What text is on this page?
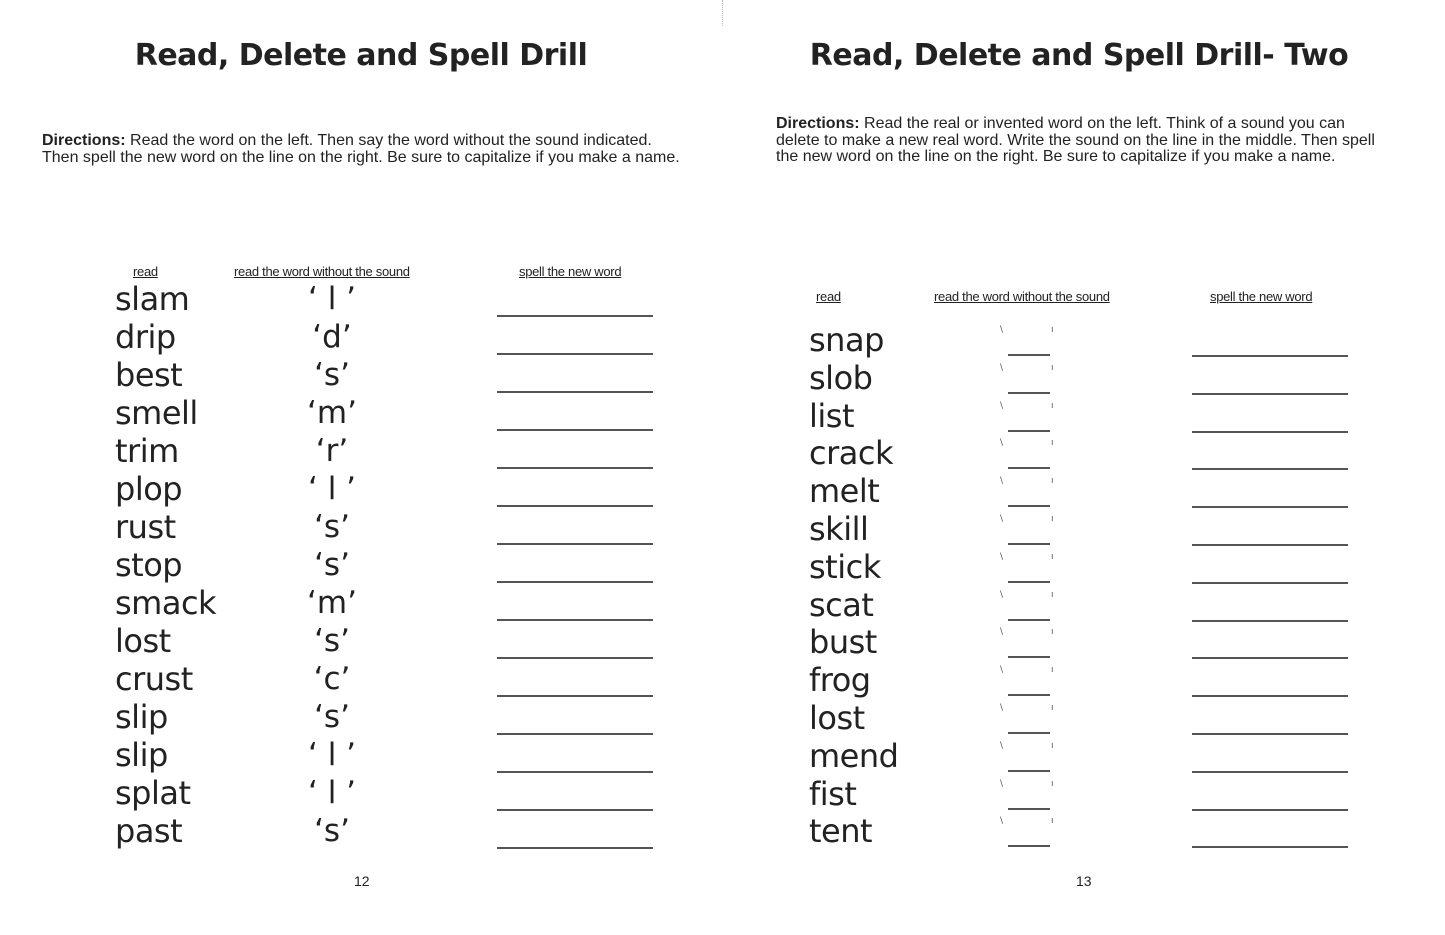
Read, Delete and Spell Drill
Directions: Read the word on the left. Then say the word without the sound indicated. Then spell the new word on the line on the right. Be sure to capitalize if you make a name.
read	read the word without the sound	spell the new word
slam	‘ l ’
drip	‘d’
best	‘s’
smell	‘m’
trim	‘r’
plop	‘ l ’
rust	‘s’
stop	‘s’
smack	‘m’
lost	‘s’
crust	‘c’
slip	‘s’
slip	‘ l ’
splat	‘ l ’
past	‘s’
12
Read, Delete and Spell Drill- Two
Directions: Read the real or invented word on the left. Think of a sound you can delete to make a new real word. Write the sound on the line in the middle. Then spell the new word on the line on the right. Be sure to capitalize if you make a name.
read	read the word without the sound	spell the new word
snap	\	ı
slob	\	ı
list	\	ı
crack	\	ı
melt	\	ı
skill	\	ı
stick	\	ı
scat	\	ı
bust	\	ı
frog	\	ı
lost	\	ı
mend	\	ı
fist	\	ı
tent	\	ı
13
